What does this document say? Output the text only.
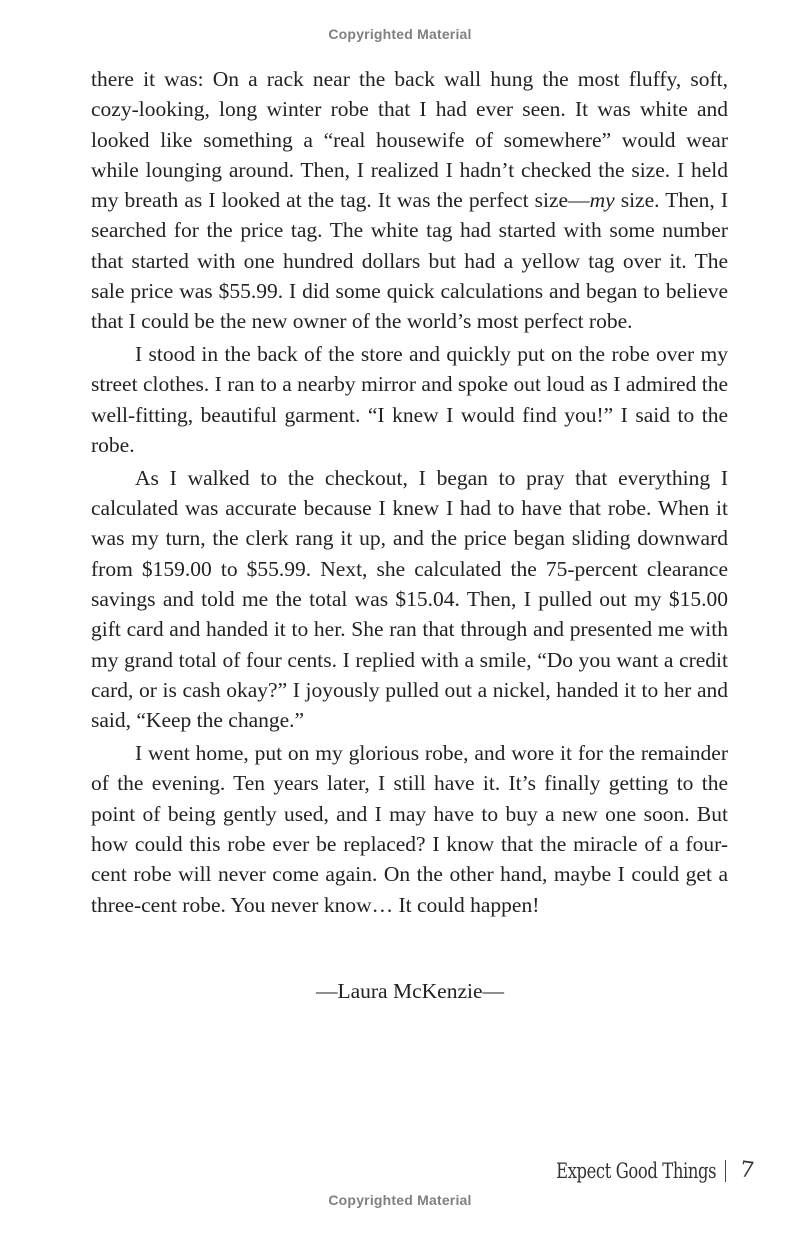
Copyrighted Material

there it was: On a rack near the back wall hung the most fluffy, soft, cozy-looking, long winter robe that I had ever seen. It was white and looked like something a “real housewife of somewhere” would wear while lounging around. Then, I realized I hadn’t checked the size. I held my breath as I looked at the tag. It was the perfect size—my size. Then, I searched for the price tag. The white tag had started with some number that started with one hundred dollars but had a yellow tag over it. The sale price was $55.99. I did some quick calculations and began to believe that I could be the new owner of the world’s most perfect robe.

I stood in the back of the store and quickly put on the robe over my street clothes. I ran to a nearby mirror and spoke out loud as I admired the well-fitting, beautiful garment. “I knew I would find you!” I said to the robe.

As I walked to the checkout, I began to pray that everything I calculated was accurate because I knew I had to have that robe. When it was my turn, the clerk rang it up, and the price began sliding downward from $159.00 to $55.99. Next, she calculated the 75-percent clearance savings and told me the total was $15.04. Then, I pulled out my $15.00 gift card and handed it to her. She ran that through and presented me with my grand total of four cents. I replied with a smile, “Do you want a credit card, or is cash okay?” I joyously pulled out a nickel, handed it to her and said, “Keep the change.”

I went home, put on my glorious robe, and wore it for the remainder of the evening. Ten years later, I still have it. It’s finally getting to the point of being gently used, and I may have to buy a new one soon. But how could this robe ever be replaced? I know that the miracle of a four-cent robe will never come again. On the other hand, maybe I could get a three-cent robe. You never know… It could happen!

—Laura McKenzie—
Expect Good Things 7
Copyrighted Material
